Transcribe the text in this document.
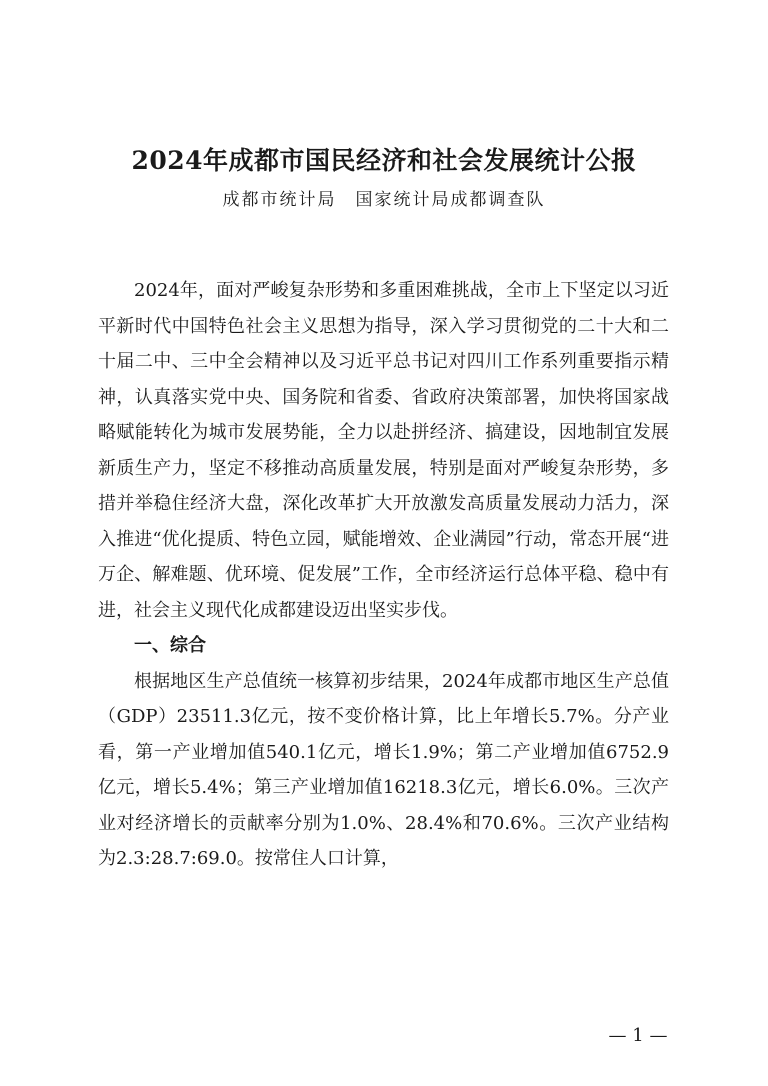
2024年成都市国民经济和社会发展统计公报
成都市统计局　国家统计局成都调查队

2024年，面对严峻复杂形势和多重困难挑战，全市上下坚定以习近平新时代中国特色社会主义思想为指导，深入学习贯彻党的二十大和二十届二中、三中全会精神以及习近平总书记对四川工作系列重要指示精神，认真落实党中央、国务院和省委、省政府决策部署，加快将国家战略赋能转化为城市发展势能，全力以赴拼经济、搞建设，因地制宜发展新质生产力，坚定不移推动高质量发展，特别是面对严峻复杂形势，多措并举稳住经济大盘，深化改革扩大开放激发高质量发展动力活力，深入推进“优化提质、特色立园，赋能增效、企业满园”行动，常态开展“进万企、解难题、优环境、促发展”工作，全市经济运行总体平稳、稳中有进，社会主义现代化成都建设迈出坚实步伐。

一、综合

根据地区生产总值统一核算初步结果，2024年成都市地区生产总值（GDP）23511.3亿元，按不变价格计算，比上年增长5.7%。分产业看，第一产业增加值540.1亿元，增长1.9%；第二产业增加值6752.9亿元，增长5.4%；第三产业增加值16218.3亿元，增长6.0%。三次产业对经济增长的贡献率分别为1.0%、28.4%和70.6%。三次产业结构为2.3:28.7:69.0。按常住人口计算，

— 1 —
